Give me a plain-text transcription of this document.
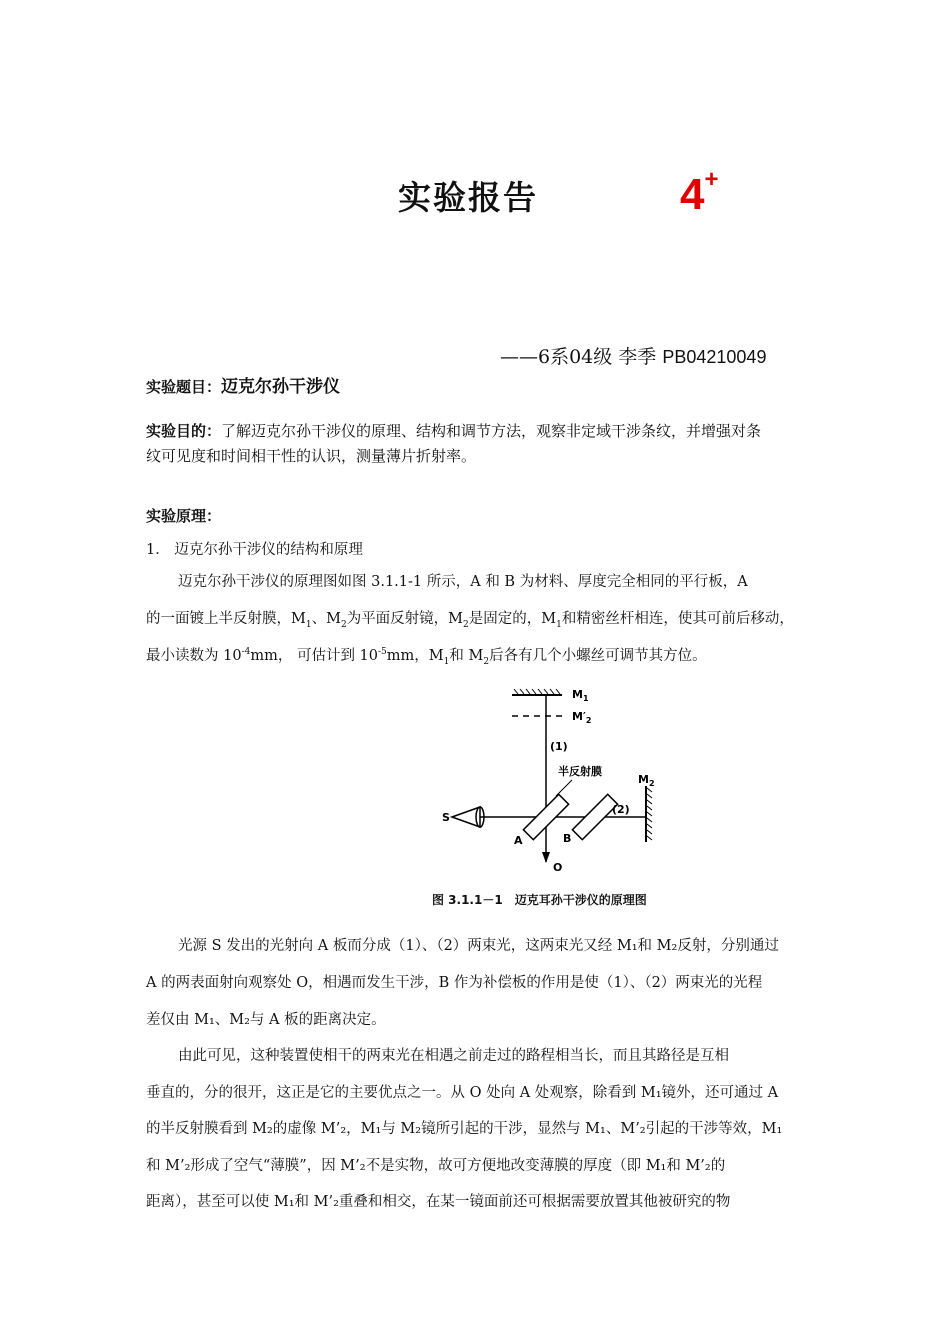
实验报告	4+
——6系04级 李季 PB04210049
实验题目：迈克尔孙干涉仪
实验目的：了解迈克尔孙干涉仪的原理、结构和调节方法，观察非定域干涉条纹，并增强对条
纹可见度和时间相干性的认识，测量薄片折射率。
实验原理：
1． 迈克尔孙干涉仪的结构和原理
迈克尔孙干涉仪的原理图如图 3.1.1-1 所示，A 和 B 为材料、厚度完全相同的平行板，A
的一面镀上半反射膜，$M_1$、$M_2$为平面反射镜，$M_2$是固定的，$M_1$和精密丝杆相连，使其可前后移动，
最小读数为 $10^{-4}mm$， 可估计到 $10^{-5}mm$，$M_1$和 $M_2$后各有几个小螺丝可调节其方位。
$M_1$
$M'_2$
(1)
半反射膜
S
A	B
(2)
$M_2$
O
图 3.1.1－1 迈克耳孙干涉仪的原理图
光源 S 发出的光射向 A 板而分成（1）、（2）两束光，这两束光又经 M₁和 M₂反射，分别通过
A 的两表面射向观察处 O，相遇而发生干涉，B 作为补偿板的作用是使（1）、（2）两束光的光程
差仅由 M₁、M₂与 A 板的距离决定。
由此可见，这种装置使相干的两束光在相遇之前走过的路程相当长，而且其路径是互相
垂直的，分的很开，这正是它的主要优点之一。从 O 处向 A 处观察，除看到 M₁镜外，还可通过 A
的半反射膜看到 M₂的虚像 M’₂，M₁与 M₂镜所引起的干涉，显然与 M₁、M’₂引起的干涉等效，M₁
和 M’₂形成了空气“薄膜”，因 M’₂不是实物，故可方便地改变薄膜的厚度（即 M₁和 M’₂的
距离），甚至可以使 M₁和 M’₂重叠和相交，在某一镜面前还可根据需要放置其他被研究的物
